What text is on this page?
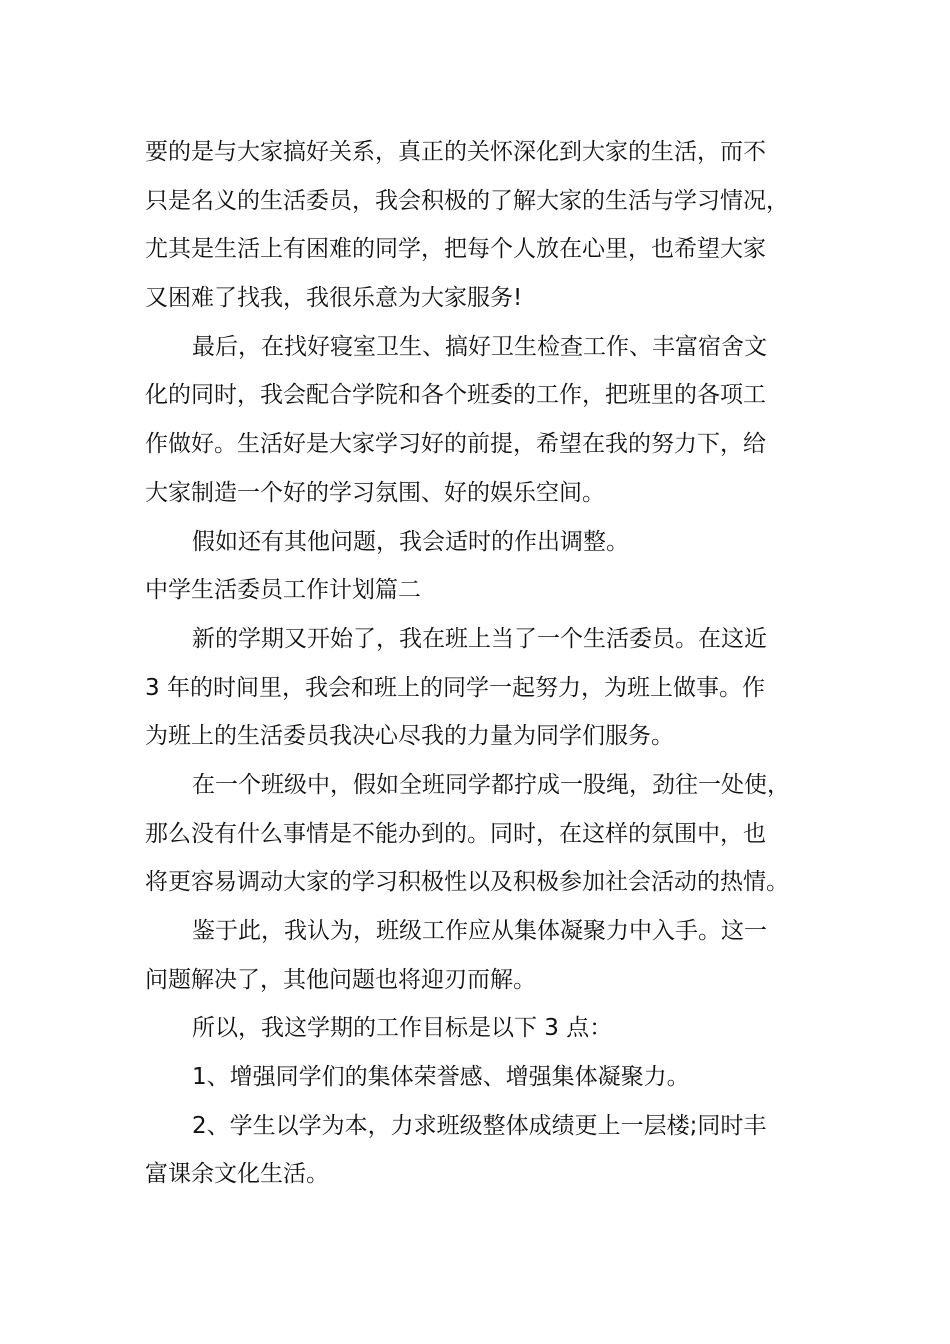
要的是与大家搞好关系，真正的关怀深化到大家的生活，而不
只是名义的生活委员，我会积极的了解大家的生活与学习情况，
尤其是生活上有困难的同学，把每个人放在心里，也希望大家
又困难了找我，我很乐意为大家服务!
最后，在找好寝室卫生、搞好卫生检查工作、丰富宿舍文
化的同时，我会配合学院和各个班委的工作，把班里的各项工
作做好。生活好是大家学习好的前提，希望在我的努力下，给
大家制造一个好的学习氛围、好的娱乐空间。
假如还有其他问题，我会适时的作出调整。
中学生活委员工作计划篇二
新的学期又开始了，我在班上当了一个生活委员。在这近
3 年的时间里，我会和班上的同学一起努力，为班上做事。作
为班上的生活委员我决心尽我的力量为同学们服务。
在一个班级中，假如全班同学都拧成一股绳，劲往一处使，
那么没有什么事情是不能办到的。同时，在这样的氛围中，也
将更容易调动大家的学习积极性以及积极参加社会活动的热情。
鉴于此，我认为，班级工作应从集体凝聚力中入手。这一
问题解决了，其他问题也将迎刃而解。
所以，我这学期的工作目标是以下 3 点：
1、增强同学们的集体荣誉感、增强集体凝聚力。
2、学生以学为本，力求班级整体成绩更上一层楼;同时丰
富课余文化生活。
